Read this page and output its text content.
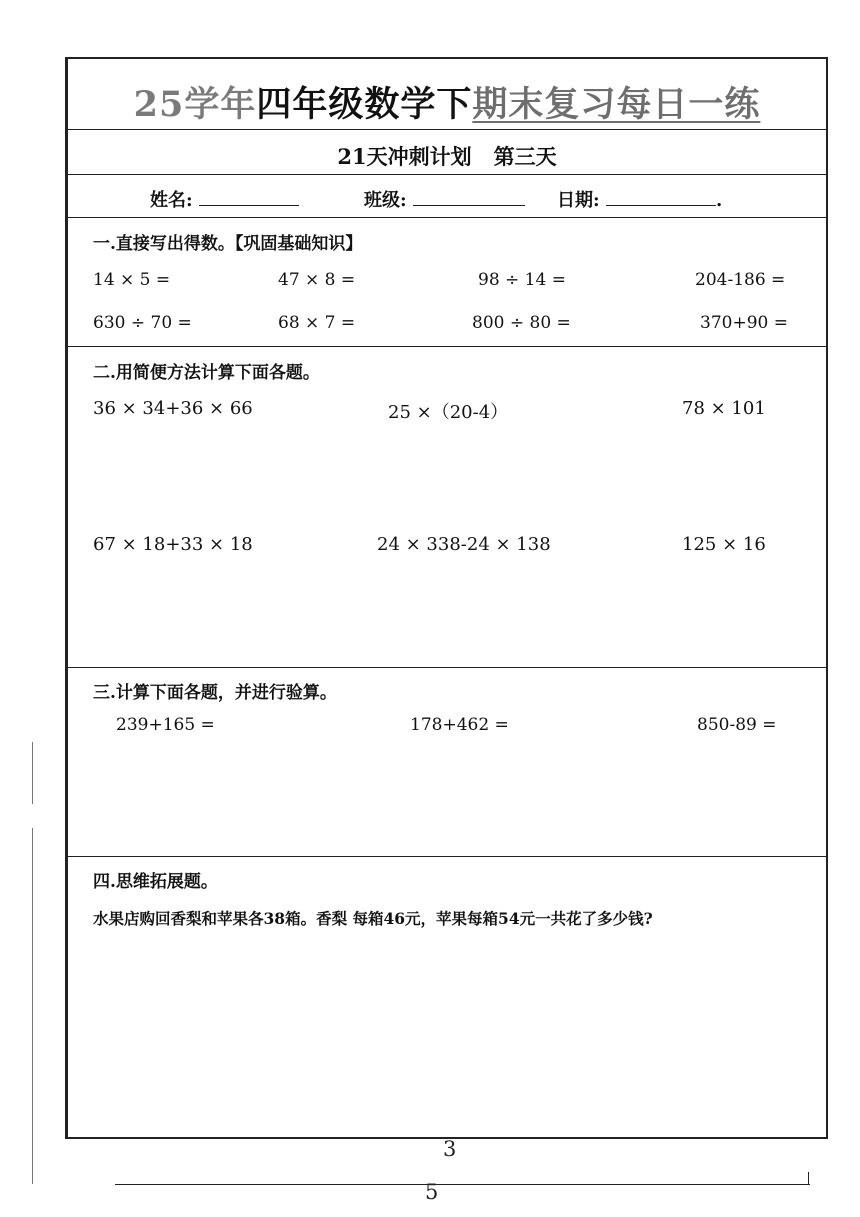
25学年四年级数学下期末复习每日一练
21天冲刺计划   第三天
姓名:	班级:	日期:	.
一.直接写出得数。【巩固基础知识】
14 × 5 =	47 × 8 =	98 ÷ 14 =	204-186 =
630 ÷ 70 =	68 × 7 =	800 ÷ 80 =	370+90 =
二.用简便方法计算下面各题。
36 × 34+36 × 66	25 ×（20-4）	78 × 101
67 × 18+33 × 18	24 × 338-24 × 138	125 × 16
三.计算下面各题，并进行验算。
239+165 =	178+462 =	850-89 =
四.思维拓展题。
水果店购回香梨和苹果各38箱。香梨 每箱46元，苹果每箱54元一共花了多少钱?
3
5
